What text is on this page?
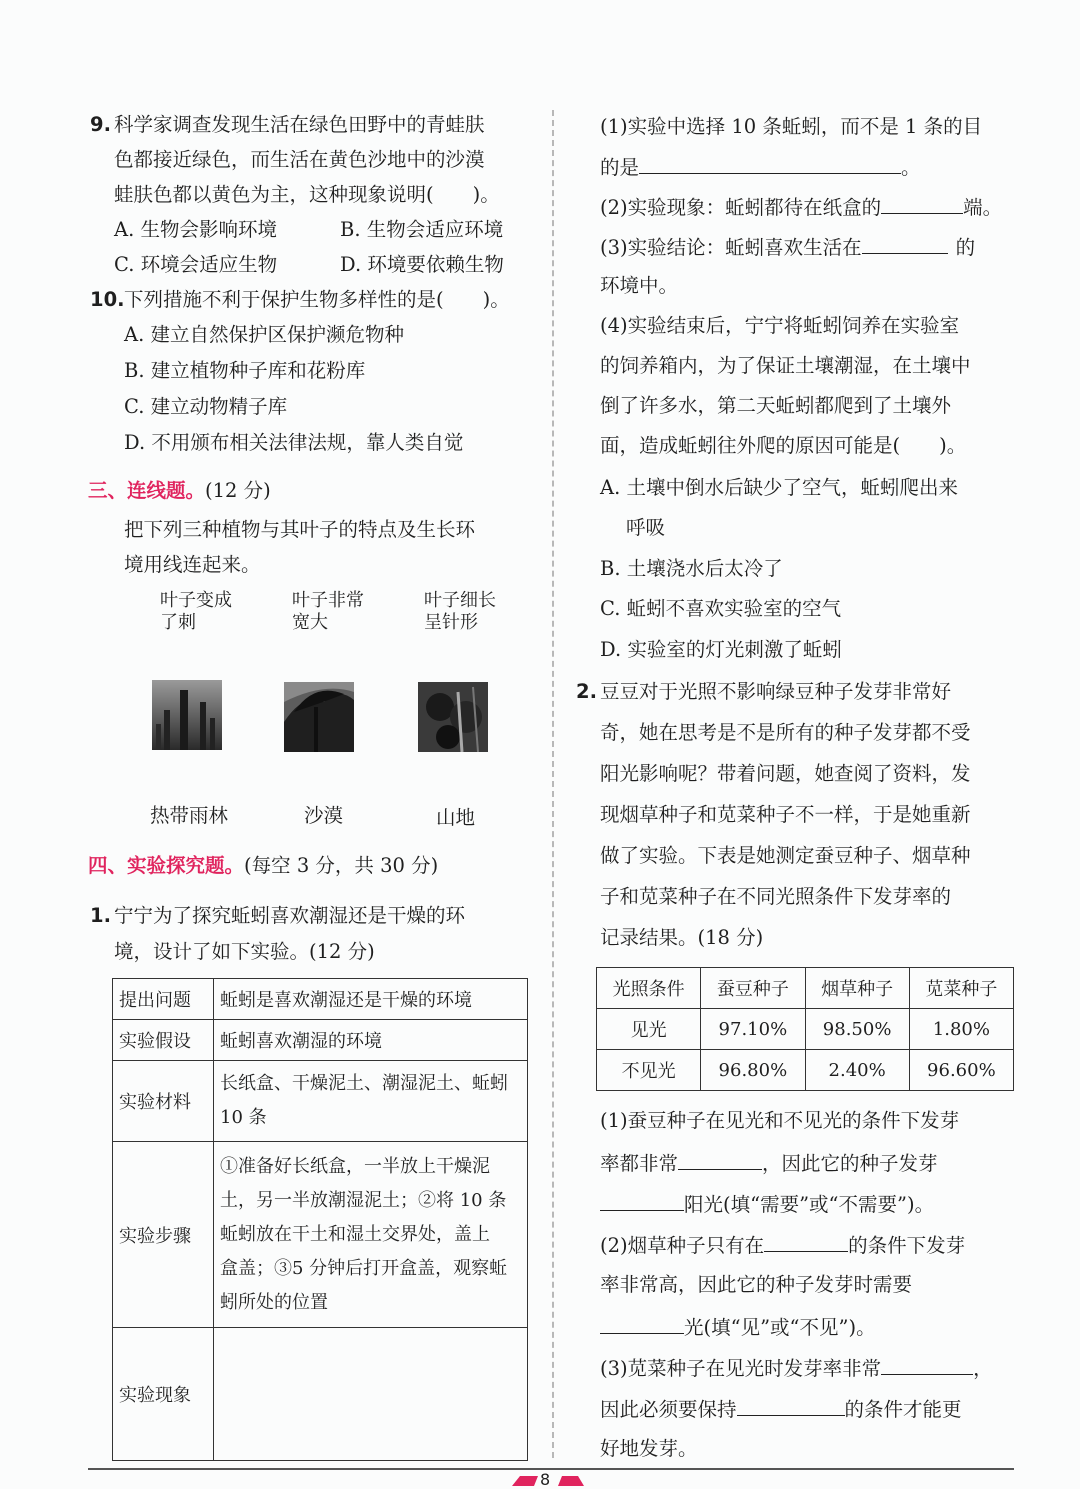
9. 科学家调查发现生活在绿色田野中的青蛙肤
色都接近绿色，而生活在黄色沙地中的沙漠
蛙肤色都以黄色为主，这种现象说明(　　)。
A. 生物会影响环境	B. 生物会适应环境
C. 环境会适应生物	D. 环境要依赖生物
10. 下列措施不利于保护生物多样性的是(　　)。
A. 建立自然保护区保护濒危物种
B. 建立植物种子库和花粉库
C. 建立动物精子库
D. 不用颁布相关法律法规，靠人类自觉
三、连线题。(12 分)
把下列三种植物与其叶子的特点及生长环
境用线连起来。
叶子变成
了刺
叶子非常
宽大
叶子细长
呈针形
热带雨林	沙漠	山地
四、实验探究题。(每空 3 分，共 30 分)
1. 宁宁为了探究蚯蚓喜欢潮湿还是干燥的环
境，设计了如下实验。(12 分)
提出问题	蚯蚓是喜欢潮湿还是干燥的环境
实验假设	蚯蚓喜欢潮湿的环境
实验材料	长纸盒、干燥泥土、潮湿泥土、蚯蚓
10 条

实验步骤	①准备好长纸盒，一半放上干燥泥
土，另一半放潮湿泥土；②将 10 条
蚯蚓放在干土和湿土交界处，盖上
盒盖；③5 分钟后打开盒盖，观察蚯
蚓所处的位置

实验现象	
(1)实验中选择 10 条蚯蚓，而不是 1 条的目
的是	。
(2)实验现象：蚯蚓都待在纸盒的	端。
(3)实验结论：蚯蚓喜欢生活在	的
环境中。
(4)实验结束后，宁宁将蚯蚓饲养在实验室
的饲养箱内，为了保证土壤潮湿，在土壤中
倒了许多水，第二天蚯蚓都爬到了土壤外
面，造成蚯蚓往外爬的原因可能是(　　)。
A. 土壤中倒水后缺少了空气，蚯蚓爬出来
呼吸
B. 土壤浇水后太冷了
C. 蚯蚓不喜欢实验室的空气
D. 实验室的灯光刺激了蚯蚓
2. 豆豆对于光照不影响绿豆种子发芽非常好
奇，她在思考是不是所有的种子发芽都不受
阳光影响呢？带着问题，她查阅了资料，发
现烟草种子和苋菜种子不一样，于是她重新
做了实验。下表是她测定蚕豆种子、烟草种
子和苋菜种子在不同光照条件下发芽率的
记录结果。(18 分)
光照条件	蚕豆种子	烟草种子	苋菜种子
见光	97.10%	98.50%	1.80%
不见光	96.80%	2.40%	96.60%
(1)蚕豆种子在见光和不见光的条件下发芽
率都非常	，因此它的种子发芽
阳光(填“需要”或“不需要”)。
(2)烟草种子只有在	的条件下发芽
率非常高，因此它的种子发芽时需要
光(填“见”或“不见”)。
(3)苋菜种子在见光时发芽率非常	，
因此必须要保持	的条件才能更
好地发芽。
8
